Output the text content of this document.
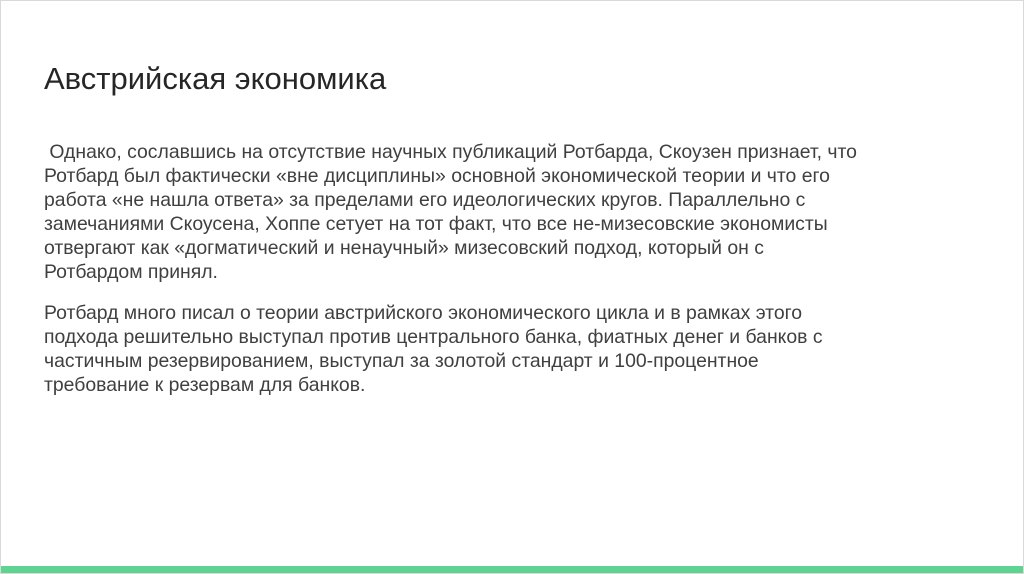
Австрийская экономика

Однако, сославшись на отсутствие научных публикаций Ротбарда, Скоузен признает, что
Ротбард был фактически «вне дисциплины» основной экономической теории и что его
работа «не нашла ответа» за пределами его идеологических кругов. Параллельно с
замечаниями Скоусена, Хоппе сетует на тот факт, что все не-мизесовские экономисты
отвергают как «догматический и ненаучный» мизесовский подход, который он с
Ротбардом принял.

Ротбард много писал о теории австрийского экономического цикла и в рамках этого
подхода решительно выступал против центрального банка, фиатных денег и банков с
частичным резервированием, выступал за золотой стандарт и 100-процентное
требование к резервам для банков.
